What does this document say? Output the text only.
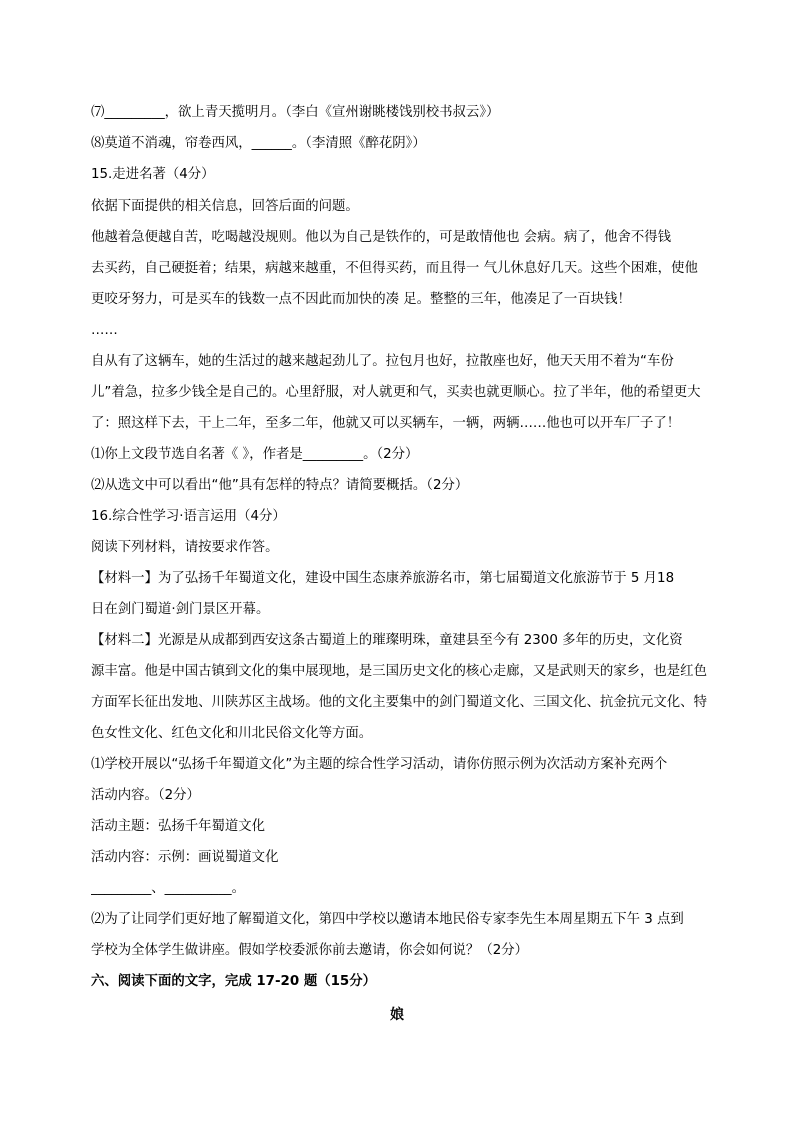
⑺_________，欲上青天揽明月。（李白《宣州谢眺楼饯别校书叔云》）
⑻莫道不消魂，帘卷西风，______。（李清照《醉花阴》）
15.走进名著（4分）
依据下面提供的相关信息，回答后面的问题。
他越着急便越自苦，吃喝越没规则。他以为自己是铁作的，可是敢情他也 会病。病了，他舍不得钱
去买药，自己硬挺着；结果，病越来越重，不但得买药，而且得一 气儿休息好几天。这些个困难，使他
更咬牙努力，可是买车的钱数一点不因此而加快的凑 足。整整的三年，他凑足了一百块钱！
……
自从有了这辆车，她的生活过的越来越起劲儿了。拉包月也好，拉散座也好，他天天用不着为“车份
儿”着急，拉多少钱全是自己的。心里舒服，对人就更和气，买卖也就更顺心。拉了半年，他的希望更大
了：照这样下去，干上二年，至多二年，他就又可以买辆车，一辆，两辆……他也可以开车厂子了！
⑴你上文段节选自名著《 》，作者是_________。（2分）
⑵从选文中可以看出“他”具有怎样的特点？请简要概括。（2分）
16.综合性学习·语言运用（4分）
阅读下列材料，请按要求作答。
【材料一】为了弘扬千年蜀道文化，建设中国生态康养旅游名市，第七届蜀道文化旅游节于 5 月18
日在剑门蜀道·剑门景区开幕。
【材料二】光源是从成都到西安这条古蜀道上的璀璨明珠，童建县至今有 2300 多年的历史，文化资
源丰富。他是中国古镇到文化的集中展现地，是三国历史文化的核心走廊，又是武则天的家乡，也是红色
方面军长征出发地、川陕苏区主战场。他的文化主要集中的剑门蜀道文化、三国文化、抗金抗元文化、特
色女性文化、红色文化和川北民俗文化等方面。
⑴学校开展以“弘扬千年蜀道文化”为主题的综合性学习活动，请你仿照示例为次活动方案补充两个
活动内容。（2分）
活动主题：弘扬千年蜀道文化
活动内容：示例：画说蜀道文化
_________、__________。
⑵为了让同学们更好地了解蜀道文化，第四中学校以邀请本地民俗专家李先生本周星期五下午 3 点到
学校为全体学生做讲座。假如学校委派你前去邀请，你会如何说？（2分）
六、阅读下面的文字，完成 17-20 题（15分）
娘
